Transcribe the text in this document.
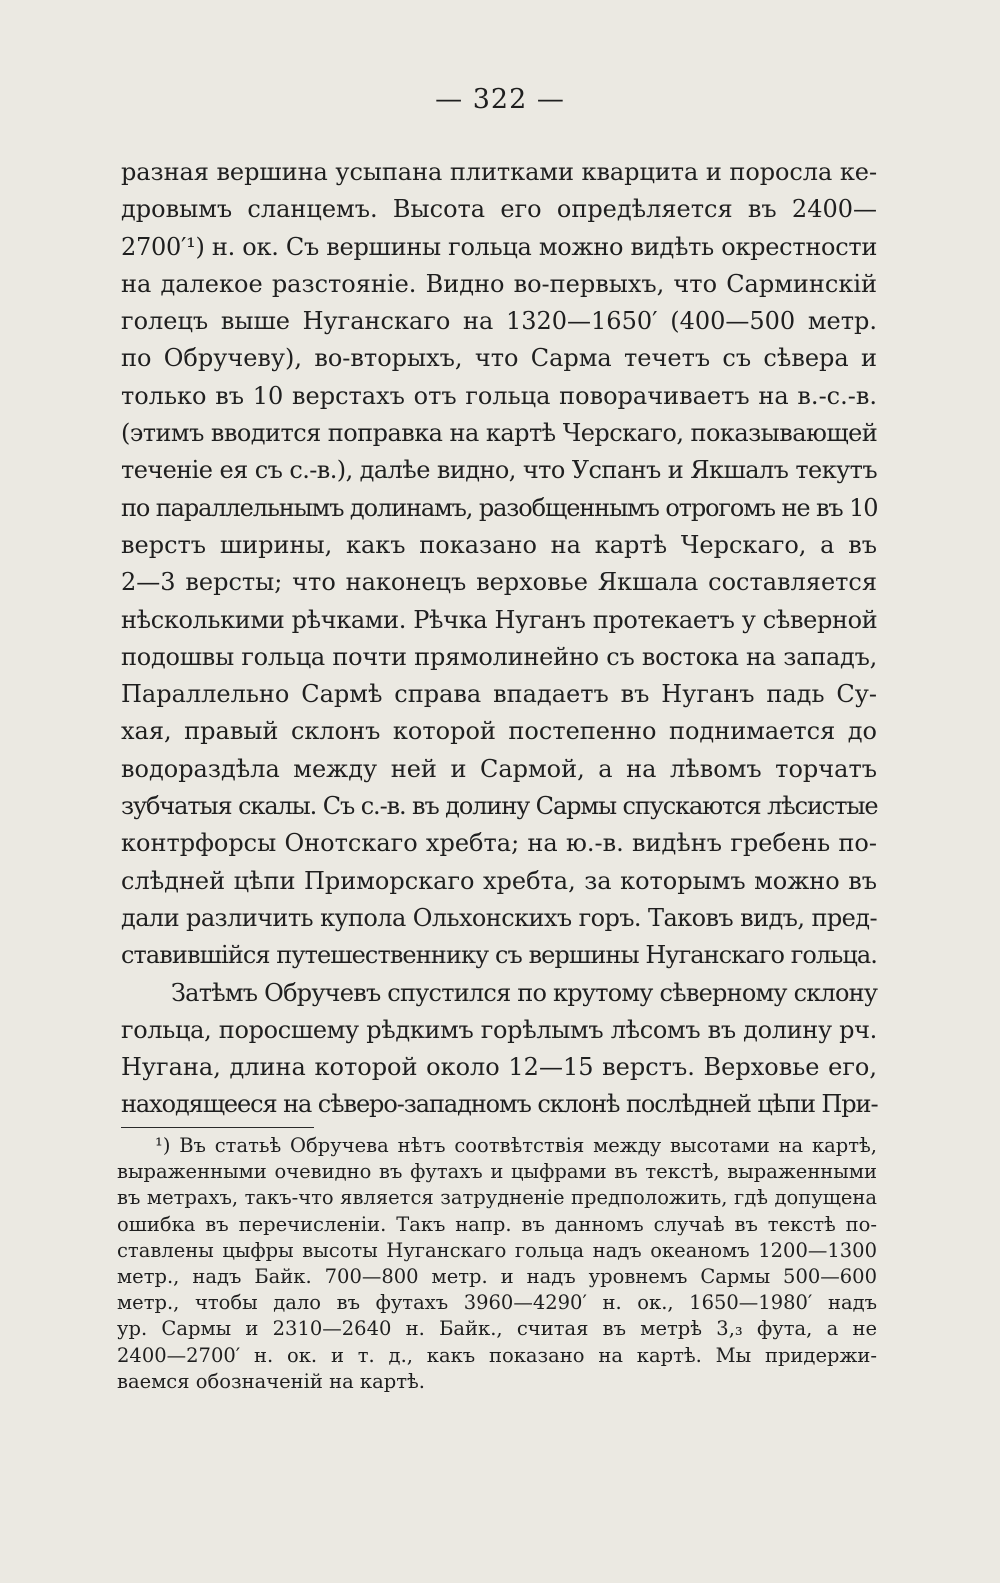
— 322 —

разная вершина усыпана плитками кварцита и поросла ке-
дровымъ сланцемъ. Высота его опредѣляется въ 2400—
2700′¹) н. ок. Съ вершины гольца можно видѣть окрестности
на далекое разстояніе. Видно во-первыхъ, что Сарминскій
голецъ выше Нуганскаго на 1320—1650′ (400—500 метр.
по Обручеву), во-вторыхъ, что Сарма течетъ съ сѣвера и
только въ 10 верстахъ отъ гольца поворачиваетъ на в.-с.-в.
(этимъ вводится поправка на картѣ Черскаго, показывающей
теченіе ея съ с.-в.), далѣе видно, что Успанъ и Якшалъ текутъ
по параллельнымъ долинамъ, разобщеннымъ отрогомъ не въ 10
верстъ ширины, какъ показано на картѣ Черскаго, а въ
2—3 версты; что наконецъ верховье Якшала составляется
нѣсколькими рѣчками. Рѣчка Нуганъ протекаетъ у сѣверной
подошвы гольца почти прямолинейно съ востока на западъ,
Параллельно Сармѣ справа впадаетъ въ Нуганъ падь Су-
хая, правый склонъ которой постепенно поднимается до
водораздѣла между ней и Сармой, а на лѣвомъ торчатъ
зубчатыя скалы. Съ с.-в. въ долину Сармы спускаются лѣсистые
контрфорсы Онотскаго хребта; на ю.-в. видѣнъ гребень по-
слѣдней цѣпи Приморскаго хребта, за которымъ можно въ
дали различить купола Ольхонскихъ горъ. Таковъ видъ, пред-
ставившійся путешественнику съ вершины Нуганскаго гольца.

Затѣмъ Обручевъ спустился по крутому сѣверному склону
гольца, поросшему рѣдкимъ горѣлымъ лѣсомъ въ долину рч.
Нугана, длина которой около 12—15 верстъ. Верховье его,
находящееся на сѣверо-западномъ склонѣ послѣдней цѣпи При-

¹) Въ статьѣ Обручева нѣтъ соотвѣтствія между высотами на картѣ,
выраженными очевидно въ футахъ и цыфрами въ текстѣ, выраженными
въ метрахъ, такъ-что является затрудненіе предположить, гдѣ допущена
ошибка въ перечисленіи. Такъ напр. въ данномъ случаѣ въ текстѣ по-
ставлены цыфры высоты Нуганскаго гольца надъ океаномъ 1200—1300
метр., надъ Байк. 700—800 метр. и надъ уровнемъ Сармы 500—600
метр., чтобы дало въ футахъ 3960—4290′ н. ок., 1650—1980′ надъ
ур. Сармы и 2310—2640 н. Байк., считая въ метрѣ 3,₃ фута, а не
2400—2700′ н. ок. и т. д., какъ показано на картѣ. Мы придержи-
ваемся обозначеній на картѣ.
